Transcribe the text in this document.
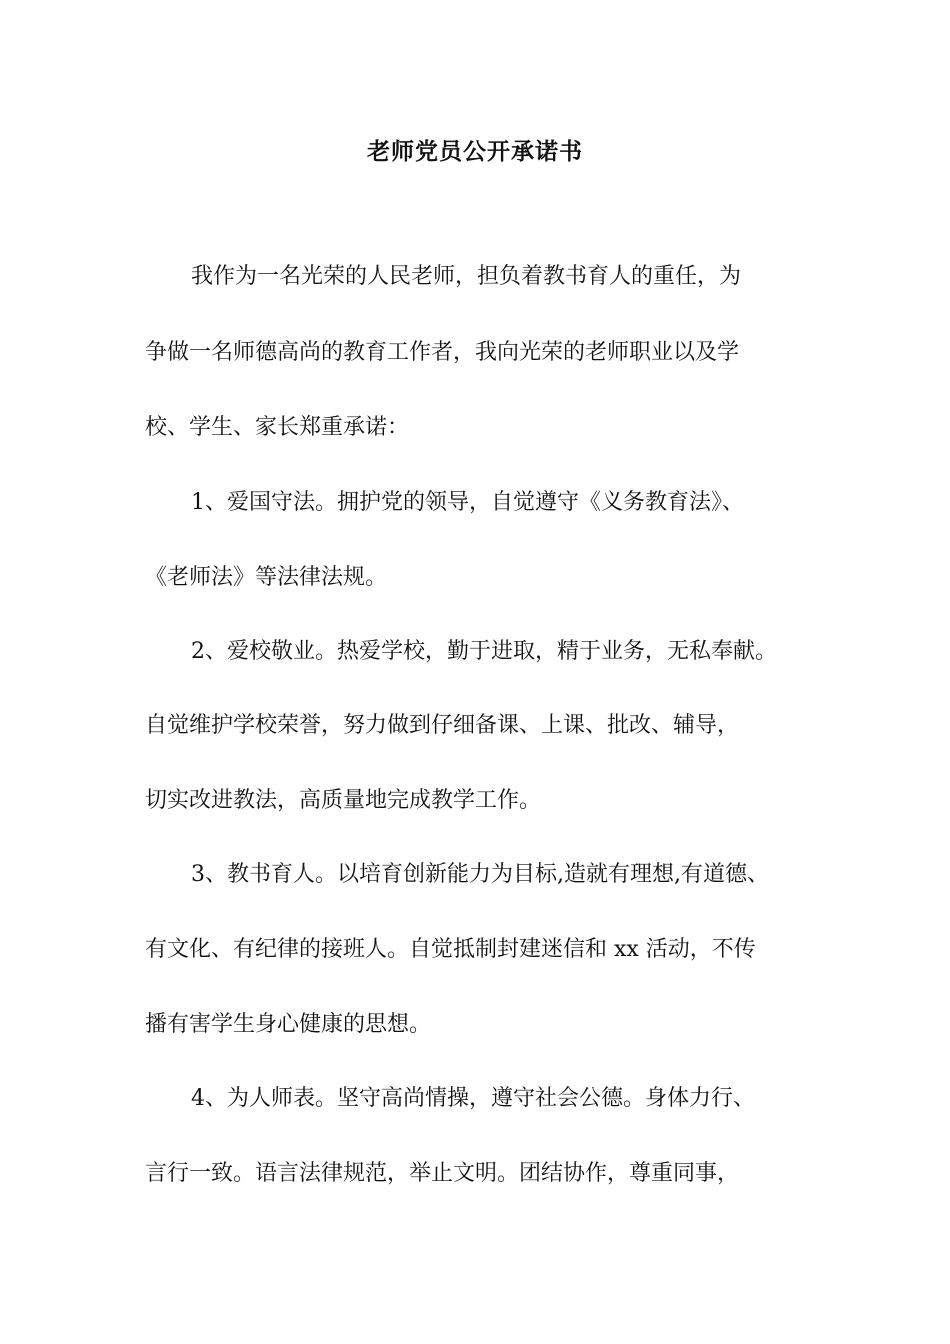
老师党员公开承诺书
我作为一名光荣的人民老师，担负着教书育人的重任，为
争做一名师德高尚的教育工作者，我向光荣的老师职业以及学
校、学生、家长郑重承诺：
1、爱国守法。拥护党的领导，自觉遵守《义务教育法》、
《老师法》等法律法规。
2、爱校敬业。热爱学校，勤于进取，精于业务，无私奉献。
自觉维护学校荣誉，努力做到仔细备课、上课、批改、辅导，
切实改进教法，高质量地完成教学工作。
3、教书育人。以培育创新能力为目标,造就有理想,有道德、
有文化、有纪律的接班人。自觉抵制封建迷信和 xx 活动，不传
播有害学生身心健康的思想。
4、为人师表。坚守高尚情操，遵守社会公德。身体力行、
言行一致。语言法律规范，举止文明。团结协作，尊重同事，
